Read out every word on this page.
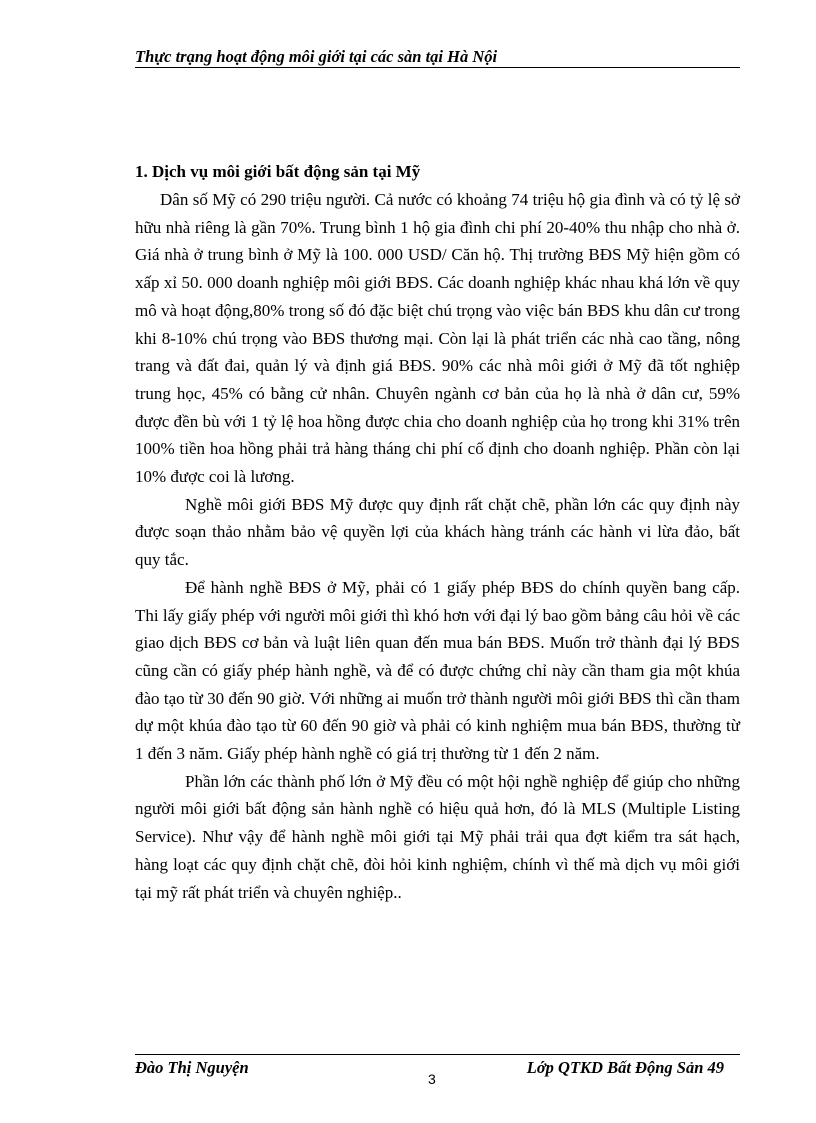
Thực trạng hoạt động môi giới tại các sàn tại Hà Nội
1. Dịch vụ môi giới bất động sản tại Mỹ

Dân số Mỹ có 290 triệu người. Cả nước có khoảng 74 triệu hộ gia đình và có tỷ lệ sở hữu nhà riêng là gần 70%. Trung bình 1 hộ gia đình chi phí 20-40% thu nhập cho nhà ở. Giá nhà ở trung bình ở Mỹ là 100. 000 USD/ Căn hộ. Thị trường BĐS Mỹ hiện gồm có xấp xỉ 50. 000 doanh nghiệp môi giới BĐS. Các doanh nghiệp khác nhau khá lớn về quy mô và hoạt động,80% trong số đó đặc biệt chú trọng vào việc bán BĐS khu dân cư trong khi 8-10% chú trọng vào BĐS thương mại. Còn lại là phát triển các nhà cao tầng, nông trang và đất đai, quản lý và định giá BĐS. 90% các nhà môi giới ở Mỹ đã tốt nghiệp trung học, 45% có bằng cử nhân. Chuyên ngành cơ bản của họ là nhà ở dân cư, 59% được đền bù với 1 tỷ lệ hoa hồng được chia cho doanh nghiệp của họ trong khi 31% trên 100% tiền hoa hồng phải trả hàng tháng chi phí cố định cho doanh nghiệp. Phần còn lại 10% được coi là lương.

Nghề môi giới BĐS Mỹ được quy định rất chặt chẽ, phần lớn các quy định này được soạn thảo nhằm bảo vệ quyền lợi của khách hàng tránh các hành vi lừa đảo, bất quy tắc.

Để hành nghề BĐS ở Mỹ, phải có 1 giấy phép BĐS do chính quyền bang cấp. Thi lấy giấy phép với người môi giới thì khó hơn với đại lý bao gồm bảng câu hỏi về các giao dịch BĐS cơ bản và luật liên quan đến mua bán BĐS. Muốn trở thành đại lý BĐS cũng cần có giấy phép hành nghề, và để có được chứng chỉ này cần tham gia một khúa đào tạo từ 30 đến 90 giờ. Với những ai muốn trở thành người môi giới BĐS thì cần tham dự một khúa đào tạo từ 60 đến 90 giờ và phải có kinh nghiệm mua bán BĐS, thường từ 1 đến 3 năm. Giấy phép hành nghề có giá trị thường từ 1 đến 2 năm.

Phần lớn các thành phố lớn ở Mỹ đều có một hội nghề nghiệp để giúp cho những người môi giới bất động sản hành nghề có hiệu quả hơn, đó là MLS (Multiple Listing Service). Như vậy để hành nghề môi giới tại Mỹ phải trải qua đợt kiểm tra sát hạch, hàng loạt các quy định chặt chẽ, đòi hỏi kinh nghiệm, chính vì thế mà dịch vụ môi giới tại mỹ rất phát triển và chuyên nghiệp..

Đào Thị Nguyện
3
Lớp QTKD Bất Động Sản 49
